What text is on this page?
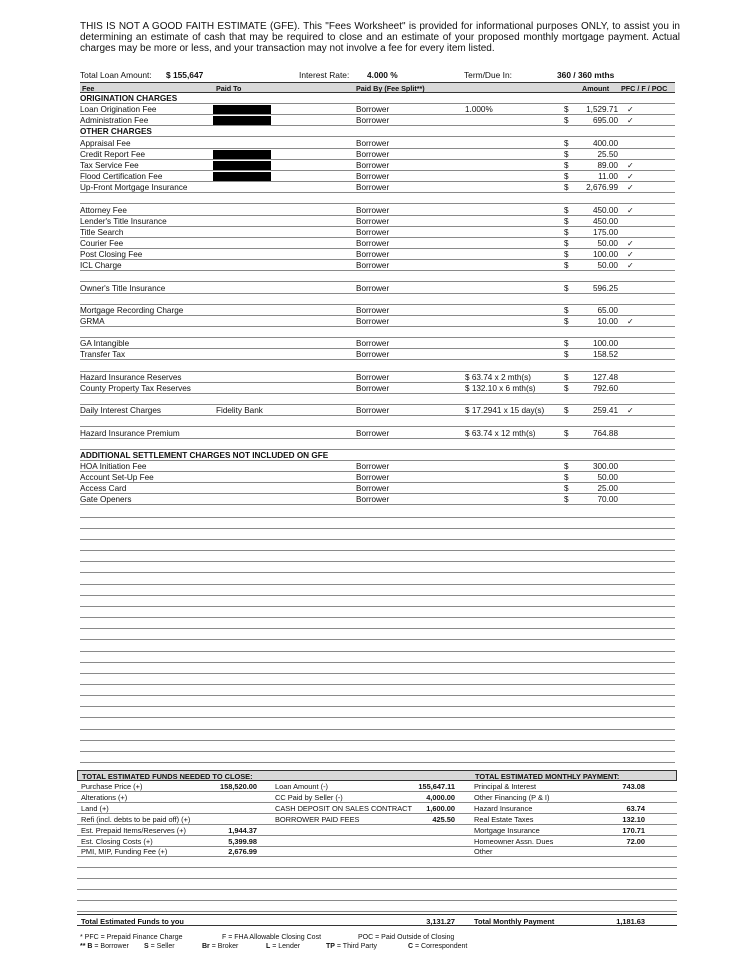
THIS IS NOT A GOOD FAITH ESTIMATE (GFE). This "Fees Worksheet" is provided for informational purposes ONLY, to assist you in determining an estimate of cash that may be required to close and an estimate of your proposed monthly mortgage payment. Actual charges may be more or less, and your transaction may not involve a fee for every item listed.
Total Loan Amount: $ 155,647	Interest Rate: 4.000 %	Term/Due In:	360 / 360 mths
Fee	Paid To	Paid By (Fee Split**)	Amount PFC / F / POC
ORIGINATION CHARGES
Loan Origination Fee	Borrower	1.000%	$ 1,529.71 ✓
Administration Fee	Borrower	$	695.00 ✓
OTHER CHARGES
Appraisal Fee	Borrower	$	400.00
Credit Report Fee	Borrower	$	25.50
Tax Service Fee	Borrower	$	89.00 ✓
Flood Certification Fee	Borrower	$	11.00 ✓
Up-Front Mortgage Insurance	Borrower	$ 2,676.99 ✓
Attorney Fee	Borrower	$	450.00 ✓
Lender's Title Insurance	Borrower	$	450.00
Title Search	Borrower	$	175.00
Courier Fee	Borrower	$	50.00 ✓
Post Closing Fee	Borrower	$	100.00 ✓
ICL Charge	Borrower	$	50.00 ✓
Owner's Title Insurance	Borrower	$	596.25
Mortgage Recording Charge	Borrower	$	65.00
GRMA	Borrower	$	10.00 ✓
GA Intangible	Borrower	$	100.00
Transfer Tax	Borrower	$	158.52
Hazard Insurance Reserves	Borrower	$ 63.74 x 2 mth(s)	$	127.48
County Property Tax Reserves	Borrower	$ 132.10 x 6 mth(s)	$	792.60
Daily Interest Charges	Fidelity Bank	Borrower	$ 17.2941 x 15 day(s) $	259.41 ✓
Hazard Insurance Premium	Borrower	$ 63.74 x 12 mth(s)	$	764.88
ADDITIONAL SETTLEMENT CHARGES NOT INCLUDED ON GFE
HOA Initiation Fee	Borrower	$	300.00
Account Set-Up Fee	Borrower	$	50.00
Access Card	Borrower	$	25.00
Gate Openers	Borrower	$	70.00
TOTAL ESTIMATED FUNDS NEEDED TO CLOSE:	TOTAL ESTIMATED MONTHLY PAYMENT:
Purchase Price (+)	158,520.00 Loan Amount (-)	155,647.11	Principal & Interest	743.08
Alterations (+)	CC Paid by Seller (-)	4,000.00	Other Financing (P & I)
Land (+)	CASH DEPOSIT ON SALES CONTRACT 1,600.00	Hazard Insurance	63.74
Refi (incl. debts to be paid off) (+)	BORROWER PAID FEES	425.50	Real Estate Taxes	132.10
Est. Prepaid Items/Reserves (+)	1,944.37	Mortgage Insurance	170.71
Est. Closing Costs (+)	5,399.98	Homeowner Assn. Dues	72.00
PMI, MIP, Funding Fee (+)	2,676.99	Other
Total Estimated Funds to you	3,131.27	Total Monthly Payment	1,181.63
* PFC = Prepaid Finance Charge	F = FHA Allowable Closing Cost	POC = Paid Outside of Closing
** B = Borrower S = Seller	Br = Broker	L = Lender	TP = Third Party	C = Correspondent
